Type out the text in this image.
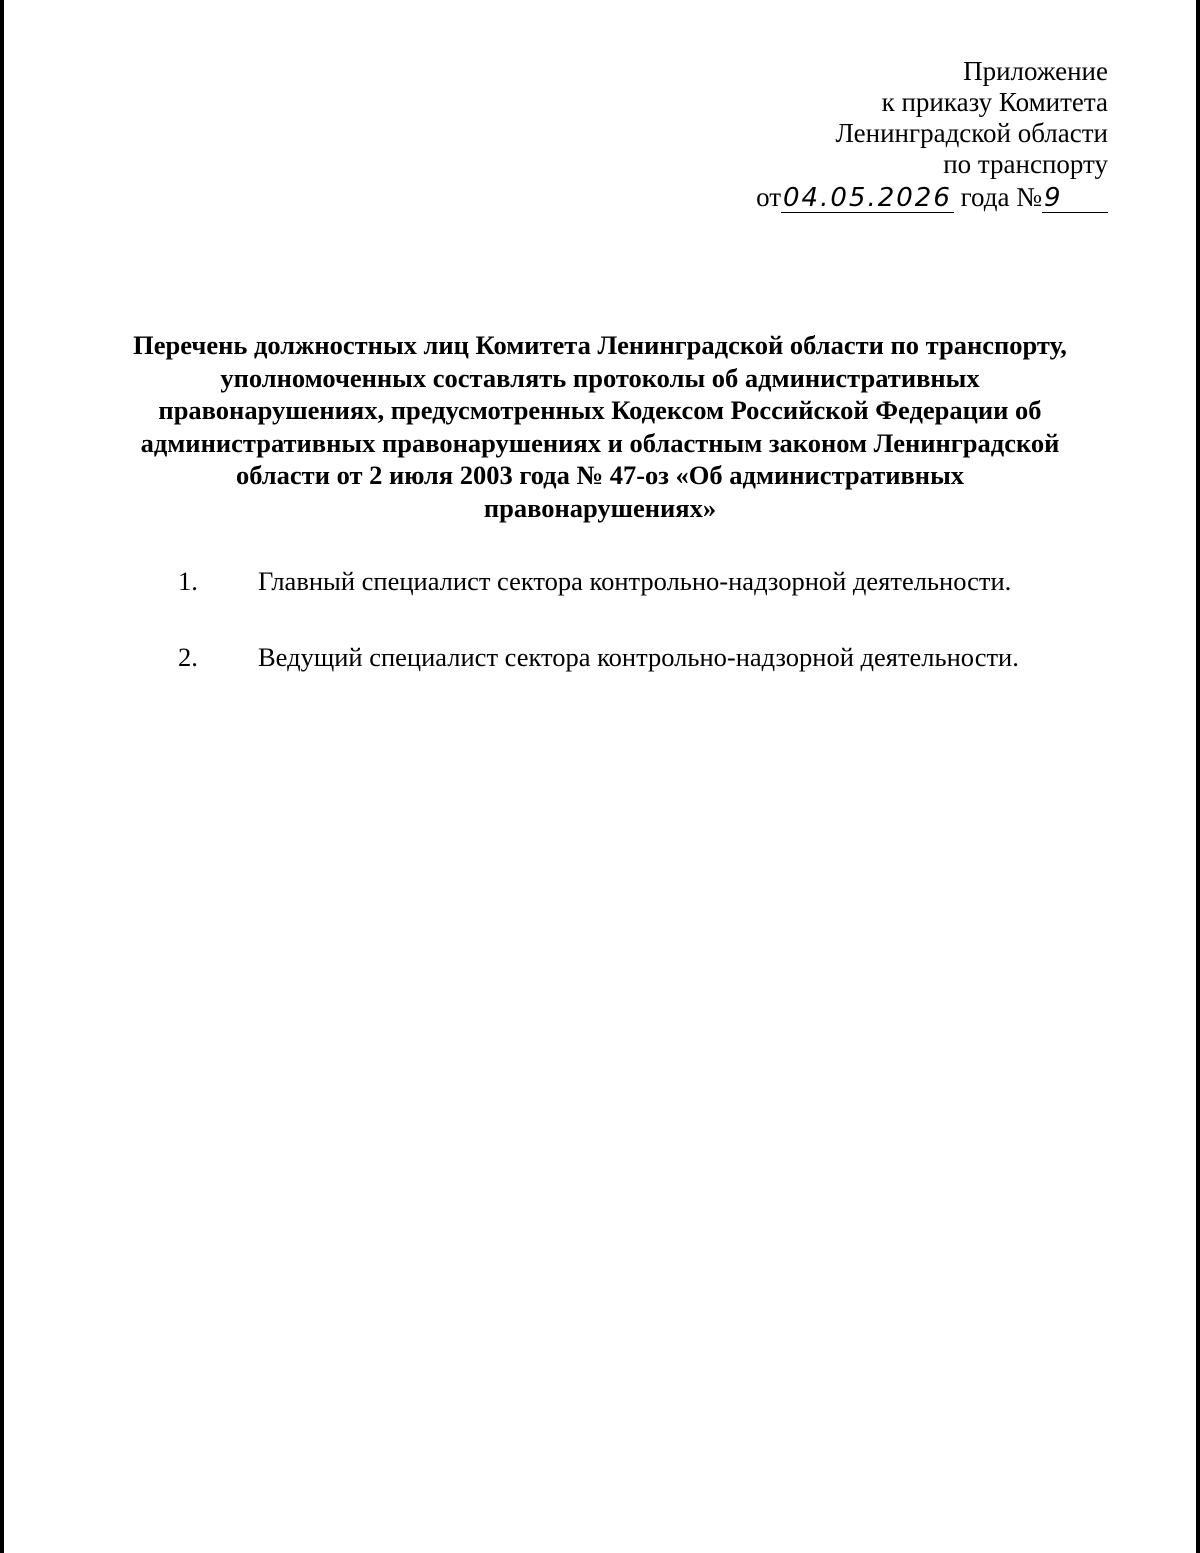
Приложение
к приказу Комитета
Ленинградской области
по транспорту
от04.05.2026 года №9
Перечень должностных лиц Комитета Ленинградской области по транспорту, уполномоченных составлять протоколы об административных правонарушениях, предусмотренных Кодексом Российской Федерации об административных правонарушениях и областным законом Ленинградской области от 2 июля 2003 года № 47-оз «Об административных правонарушениях»
1. Главный специалист сектора контрольно-надзорной деятельности.
2. Ведущий специалист сектора контрольно-надзорной деятельности.
